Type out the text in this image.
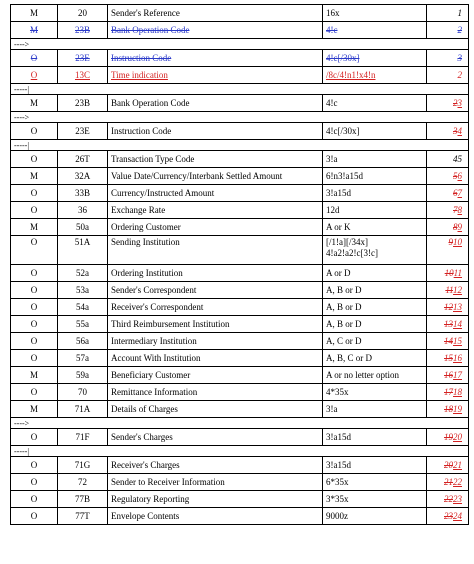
M	20	Sender's Reference	16x	1
M	23B	Bank Operation Code	4!c	2
---->				
O	23E	Instruction Code	4!c[/30x]	3
O	13C	Time indication	/8c/4!n1!x4!n	2
-----|				
M	23B	Bank Operation Code	4!c	23
---->				
O	23E	Instruction Code	4!c[/30x]	34
-----|				
O	26T	Transaction Type Code	3!a	45
M	32A	Value Date/Currency/Interbank Settled Amount	6!n3!a15d	56
O	33B	Currency/Instructed Amount	3!a15d	67
O	36	Exchange Rate	12d	78
M	50a	Ordering Customer	A or K	89
O	51A	Sending Institution	[/1!a][/34x]
4!a2!a2!c[3!c]	910
O	52a	Ordering Institution	A or D	1011
O	53a	Sender's Correspondent	A, B or D	1112
O	54a	Receiver's Correspondent	A, B or D	1213
O	55a	Third Reimbursement Institution	A, B or D	1314
O	56a	Intermediary Institution	A, C or D	1415
O	57a	Account With Institution	A, B, C or D	1516
M	59a	Beneficiary Customer	A or no letter option	1617
O	70	Remittance Information	4*35x	1718
M	71A	Details of Charges	3!a	1819
---->				
O	71F	Sender's Charges	3!a15d	1920
-----|				
O	71G	Receiver's Charges	3!a15d	2021
O	72	Sender to Receiver Information	6*35x	2122
O	77B	Regulatory Reporting	3*35x	2223
O	77T	Envelope Contents	9000z	2324
